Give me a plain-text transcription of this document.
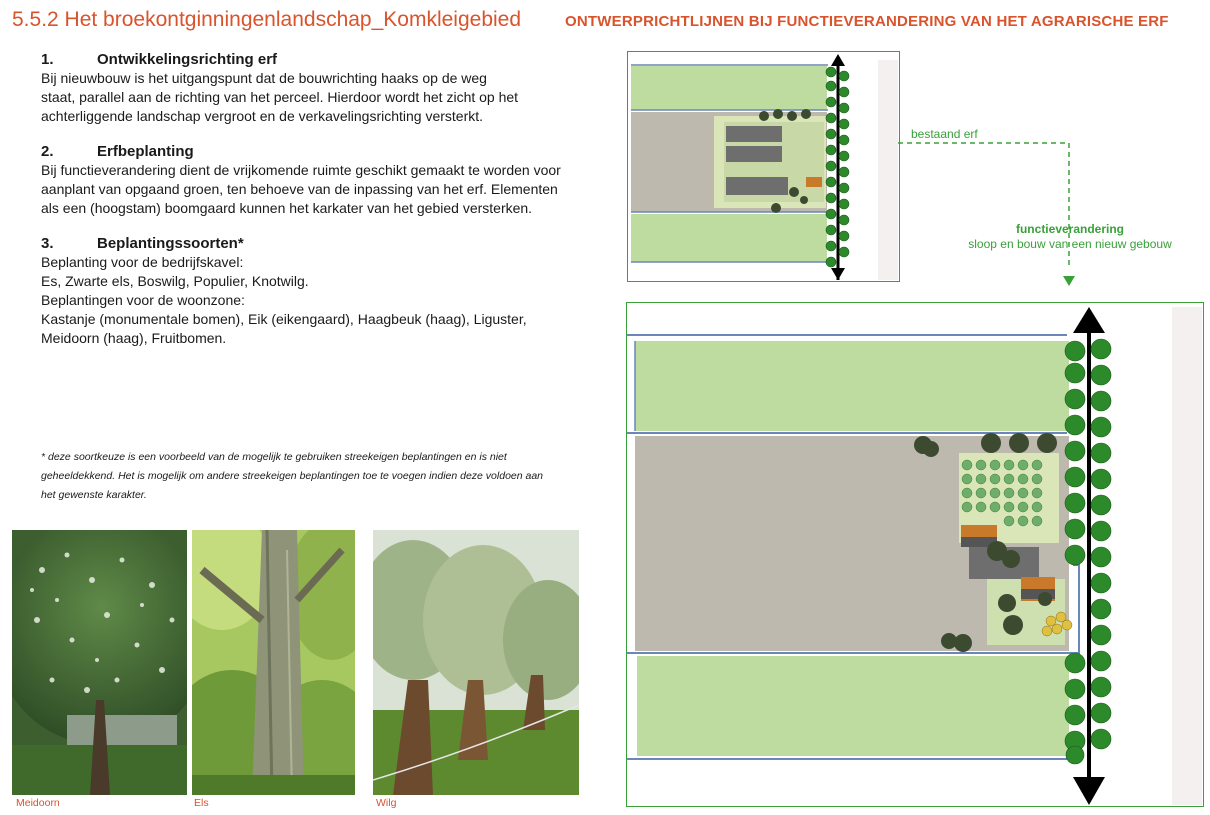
5.5.2 Het broekontginningenlandschap_Komkleigebied	ONTWERPRICHTLIJNEN BIJ FUNCTIEVERANDERING VAN HET AGRARISCHE ERF
1.	Ontwikkelingsrichting erf
Bij nieuwbouw is het uitgangspunt dat de bouwrichting haaks op de weg
staat, parallel aan de richting van het perceel. Hierdoor wordt het zicht op het
achterliggende landschap vergroot en de verkavelingsrichting versterkt.
2.	Erfbeplanting
Bij functieverandering dient de vrijkomende ruimte geschikt gemaakt te worden voor
aanplant van opgaand groen, ten behoeve van de inpassing van het erf. Elementen
als een (hoogstam) boomgaard kunnen het karkater van het gebied versterken.
3.	Beplantingssoorten*
Beplanting voor de bedrijfskavel:
Es, Zwarte els, Boswilg, Populier, Knotwilg.
Beplantingen voor de woonzone:
Kastanje (monumentale bomen), Eik (eikengaard), Haagbeuk (haag), Liguster,
Meidoorn (haag), Fruitbomen.
* deze soortkeuze is een voorbeeld van de mogelijk te gebruiken streekeigen beplantingen en is niet
geheeldekkend. Het is mogelijk om andere streekeigen beplantingen toe te voegen indien deze voldoen aan
het gewenste karakter.
Meidoorn	Els	Wilg
bestaand erf
functieverandering
sloop en bouw van een nieuw gebouw
